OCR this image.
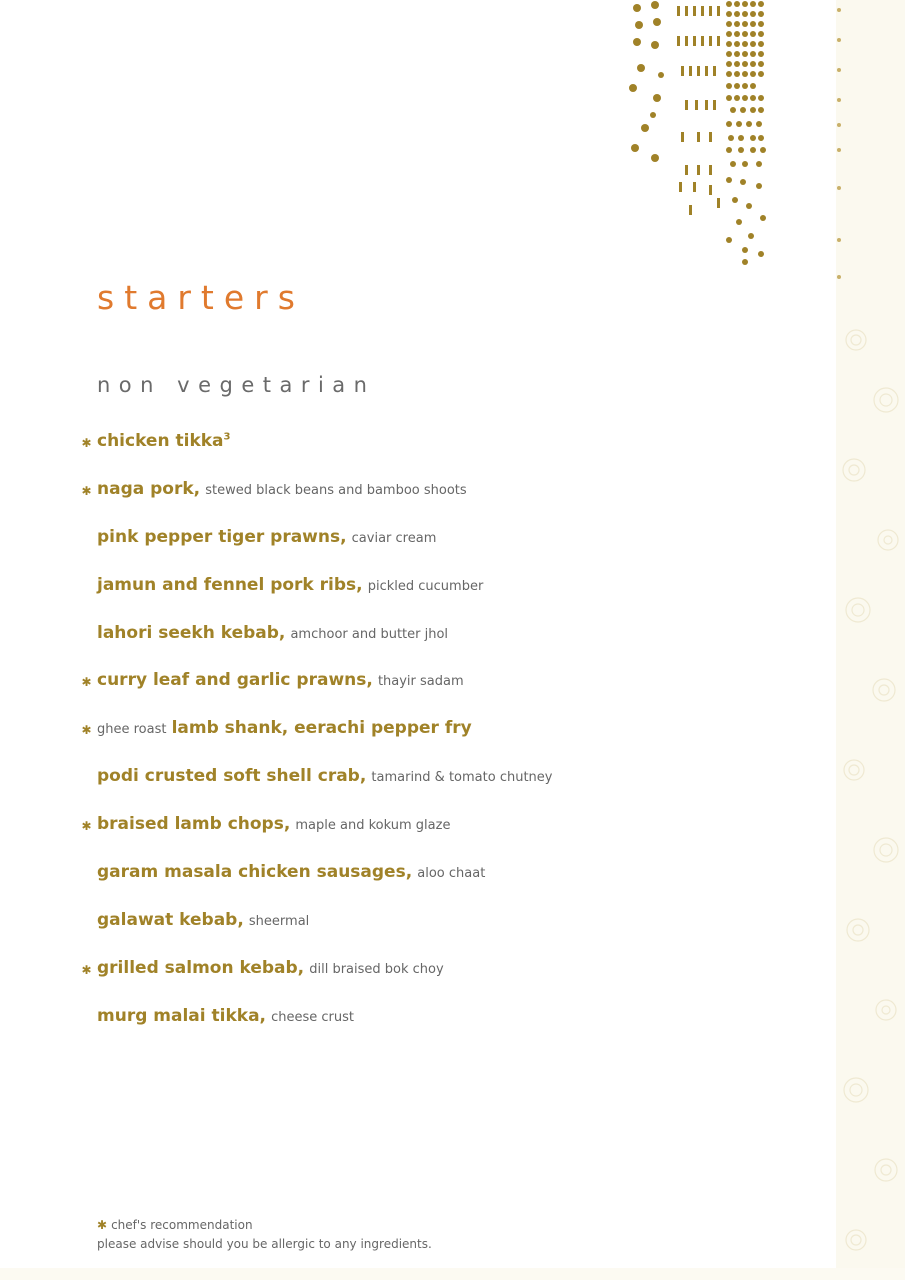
starters
non vegetarian
✱ chicken tikka$^3$
✱ naga pork, stewed black beans and bamboo shoots
pink pepper tiger prawns, caviar cream
jamun and fennel pork ribs, pickled cucumber
lahori seekh kebab, amchoor and butter jhol
✱ curry leaf and garlic prawns, thayir sadam
✱ ghee roast lamb shank, eerachi pepper fry
podi crusted soft shell crab, tamarind & tomato chutney
✱ braised lamb chops, maple and kokum glaze
garam masala chicken sausages, aloo chaat
galawat kebab, sheermal
✱ grilled salmon kebab, dill braised bok choy
murg malai tikka, cheese crust
✱ chef's recommendation
please advise should you be allergic to any ingredients.
